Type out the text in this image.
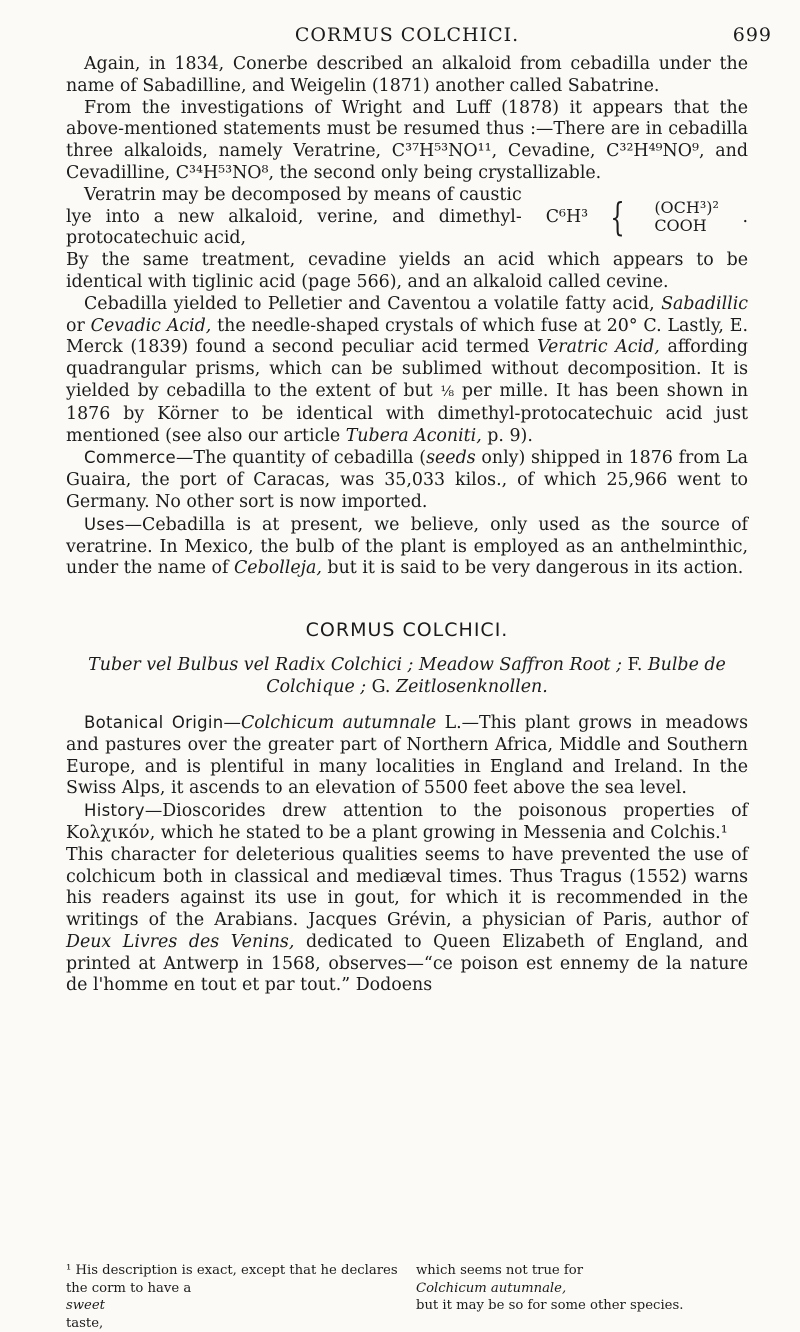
CORMUS COLCHICI.	699

Again, in 1834, Conerbe described an alkaloid from cebadilla under the name of Sabadilline, and Weigelin (1871) another called Sabatrine.

From the investigations of Wright and Luff (1878) it appears that the above-mentioned statements must be resumed thus :—There are in cebadilla three alkaloids, namely Veratrine, C³⁷H⁵³NO¹¹, Cevadine, C³²H⁴⁹NO⁹, and Cevadilline, C³⁴H⁵³NO⁸, the second only being crystallizable.

Veratrin may be decomposed by means of caustic lye into a new alkaloid, verine, and dimethyl-protocatechuic acid,
C⁶H³ {	(OCH³)²
COOH	.

By the same treatment, cevadine yields an acid which appears to be identical with tiglinic acid (page 566), and an alkaloid called cevine.

Cebadilla yielded to Pelletier and Caventou a volatile fatty acid, Sabadillic or Cevadic Acid, the needle-shaped crystals of which fuse at 20° C. Lastly, E. Merck (1839) found a second peculiar acid termed Veratric Acid, affording quadrangular prisms, which can be sublimed without decomposition. It is yielded by cebadilla to the extent of but ⅛ per mille. It has been shown in 1876 by Körner to be identical with dimethyl-protocatechuic acid just mentioned (see also our article Tubera Aconiti, p. 9).

Commerce—The quantity of cebadilla (seeds only) shipped in 1876 from La Guaira, the port of Caracas, was 35,033 kilos., of which 25,966 went to Germany. No other sort is now imported.

Uses—Cebadilla is at present, we believe, only used as the source of veratrine. In Mexico, the bulb of the plant is employed as an anthelminthic, under the name of Cebolleja, but it is said to be very dangerous in its action.

CORMUS COLCHICI.
Tuber vel Bulbus vel Radix Colchici ; Meadow Saffron Root ; F. Bulbe de Colchique ; G. Zeitlosenknollen.

Botanical Origin—Colchicum autumnale L.—This plant grows in meadows and pastures over the greater part of Northern Africa, Middle and Southern Europe, and is plentiful in many localities in England and Ireland. In the Swiss Alps, it ascends to an elevation of 5500 feet above the sea level.

History—Dioscorides drew attention to the poisonous properties of Κολχικόν, which he stated to be a plant growing in Messenia and Colchis.¹

This character for deleterious qualities seems to have prevented the use of colchicum both in classical and mediæval times. Thus Tragus (1552) warns his readers against its use in gout, for which it is recommended in the writings of the Arabians. Jacques Grévin, a physician of Paris, author of Deux Livres des Venins, dedicated to Queen Elizabeth of England, and printed at Antwerp in 1568, observes—“ce poison est ennemy de la nature de l'homme en tout et par tout.” Dodoens

¹ His description is exact, except that he declares the corm to have a
sweet
taste,
which seems not true for
Colchicum autumnale,
but it may be so for some other species.
